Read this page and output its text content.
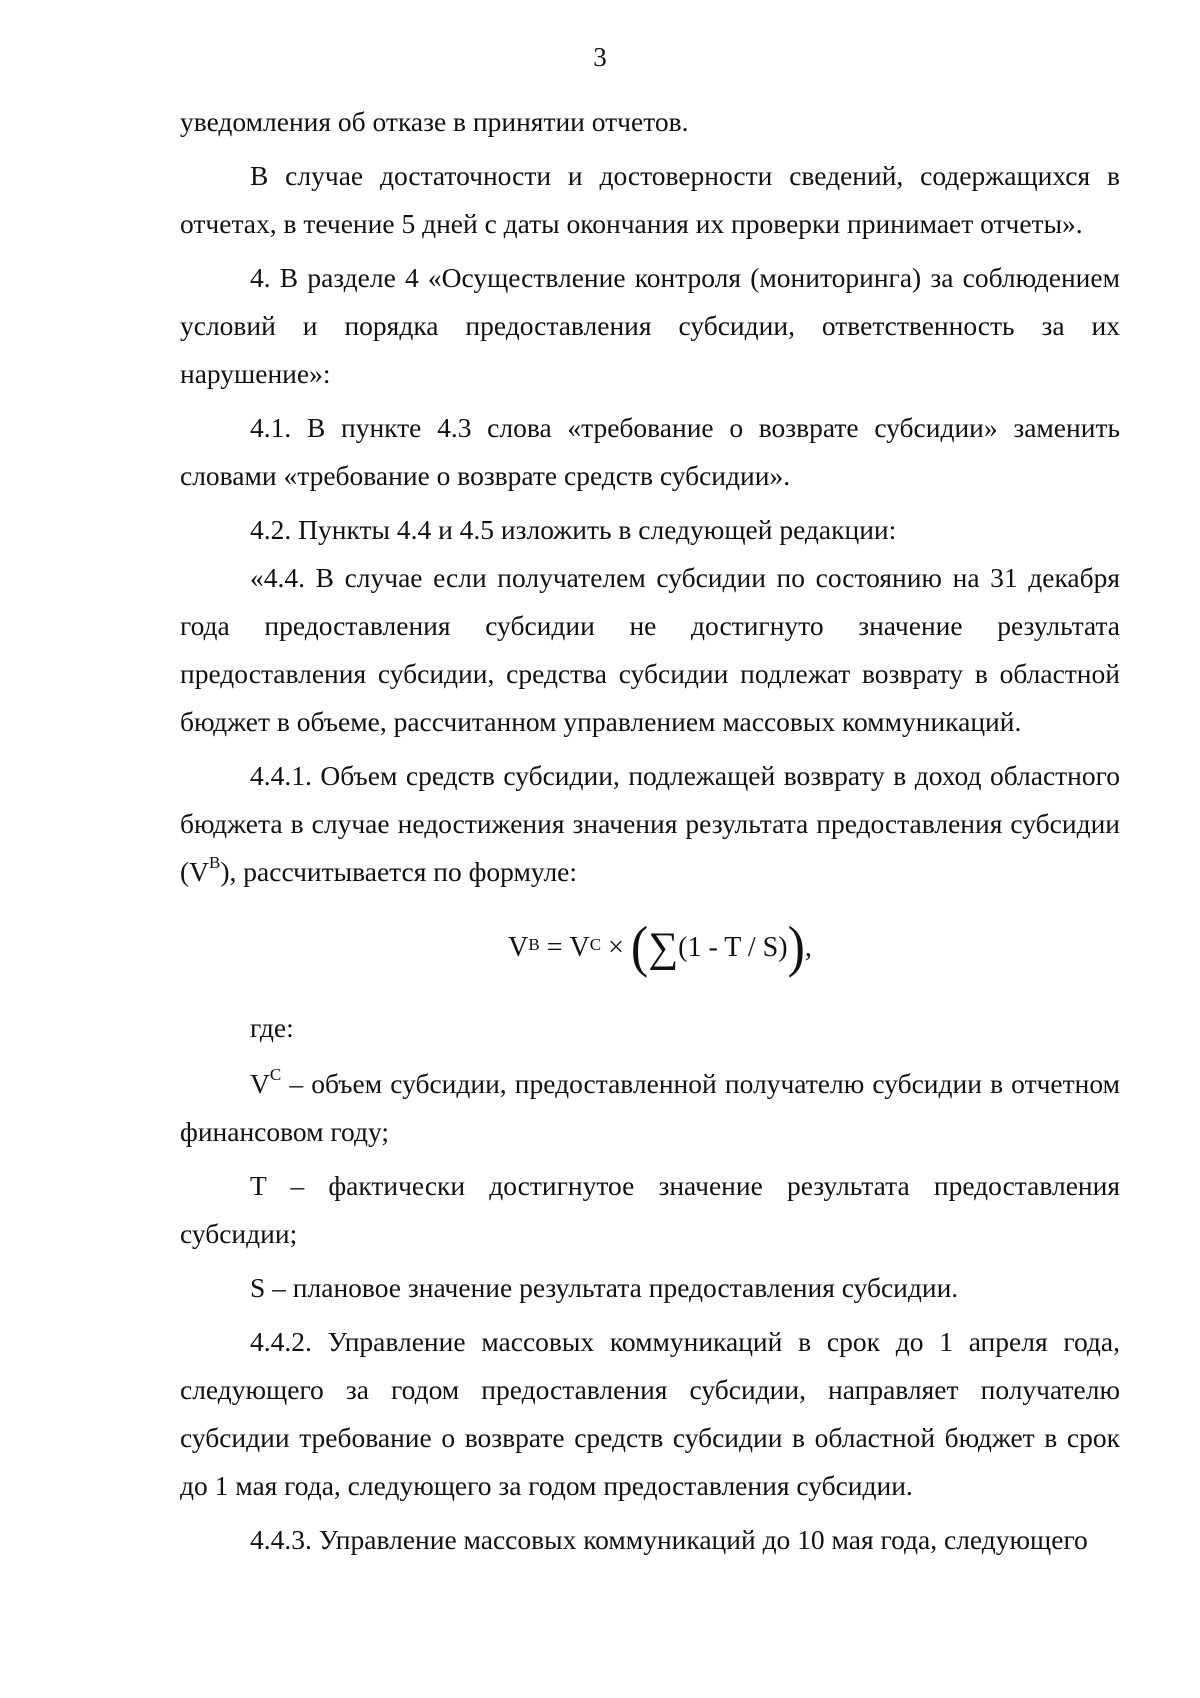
3

уведомления об отказе в принятии отчетов.

В случае достаточности и достоверности сведений, содержащихся в отчетах, в течение 5 дней с даты окончания их проверки принимает отчеты».

4. В разделе 4 «Осуществление контроля (мониторинга) за соблюдением условий и порядка предоставления субсидии, ответственность за их нарушение»:

4.1. В пункте 4.3 слова «требование о возврате субсидии» заменить словами «требование о возврате средств субсидии».

4.2. Пункты 4.4 и 4.5 изложить в следующей редакции:

«4.4. В случае если получателем субсидии по состоянию на 31 декабря года предоставления субсидии не достигнуто значение результата предоставления субсидии, средства субсидии подлежат возврату в областной бюджет в объеме, рассчитанном управлением массовых коммуникаций.

4.4.1. Объем средств субсидии, подлежащей возврату в доход областного бюджета в случае недостижения значения результата предоставления субсидии $(V^B)$, рассчитывается по формуле:

$V^B = V^C$ × ( ∑ (1 - T / S) ) ,
где:

$V^C$ – объем субсидии, предоставленной получателю субсидии в отчетном финансовом году;

T – фактически достигнутое значение результата предоставления субсидии;

S – плановое значение результата предоставления субсидии.

4.4.2. Управление массовых коммуникаций в срок до 1 апреля года, следующего за годом предоставления субсидии, направляет получателю субсидии требование о возврате средств субсидии в областной бюджет в срок до 1 мая года, следующего за годом предоставления субсидии.

4.4.3. Управление массовых коммуникаций до 10 мая года, следующего
